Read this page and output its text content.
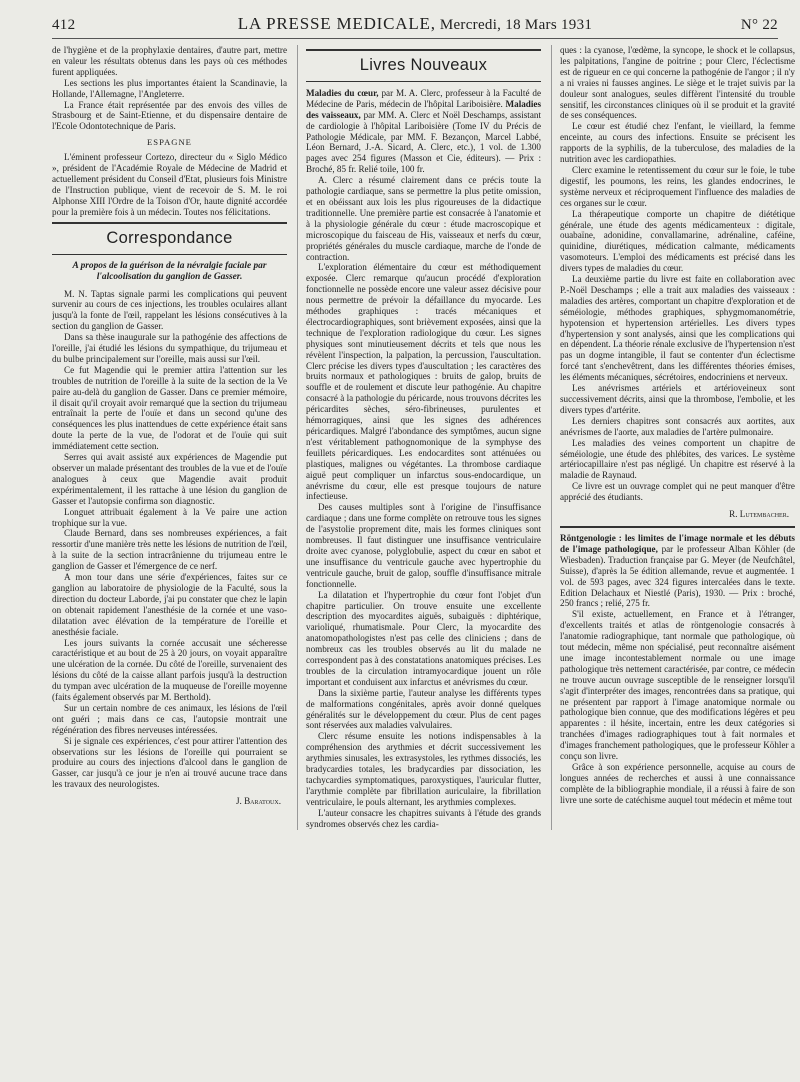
412	LA PRESSE MEDICALE, Mercredi, 18 Mars 1931	N° 22

de l'hygiène et de la prophylaxie dentaires, d'autre part, mettre en valeur les résultats obtenus dans les pays où ces méthodes furent appliquées.

Les sections les plus importantes étaient la Scandinavie, la Hollande, l'Allemagne, l'Angleterre.

La France était représentée par des envois des villes de Strasbourg et de Saint-Etienne, et du dispensaire dentaire de l'Ecole Odontotechnique de Paris.

ESPAGNE

L'éminent professeur Cortezo, directeur du « Siglo Médico », président de l'Académie Royale de Médecine de Madrid et actuellement président du Conseil d'Etat, plusieurs fois Ministre de l'Instruction publique, vient de recevoir de S. M. le roi Alphonse XIII l'Ordre de la Toison d'Or, haute dignité accordée pour la première fois à un médecin. Toutes nos félicitations.

Correspondance
A propos de la guérison de la névralgie faciale par l'alcoolisation du ganglion de Gasser.

M. N. Taptas signale parmi les complications qui peuvent survenir au cours de ces injections, les troubles oculaires allant jusqu'à la fonte de l'œil, rappelant les lésions consécutives à la section du ganglion de Gasser.

Dans sa thèse inaugurale sur la pathogénie des affections de l'oreille, j'ai étudié les lésions du sympathique, du trijumeau et du bulbe principalement sur l'oreille, mais aussi sur l'œil.

Ce fut Magendie qui le premier attira l'attention sur les troubles de nutrition de l'oreille à la suite de la section de la Ve paire au-delà du ganglion de Gasser. Dans ce premier mémoire, il disait qu'il croyait avoir remarqué que la section du trijumeau entraînait la perte de l'ouïe et dans un second qu'une des conséquences les plus inattendues de cette expérience était sans doute la perte de la vue, de l'odorat et de l'ouïe qui suit immédiatement cette section.

Serres qui avait assisté aux expériences de Magendie put observer un malade présentant des troubles de la vue et de l'ouïe analogues à ceux que Magendie avait produit expérimentalement, il les rattache à une lésion du ganglion de Gasser et l'autopsie confirma son diagnostic.

Longuet attribuait également à la Ve paire une action trophique sur la vue.

Claude Bernard, dans ses nombreuses expériences, a fait ressortir d'une manière très nette les lésions de nutrition de l'œil, à la suite de la section intracrânienne du trijumeau entre le ganglion de Gasser et l'émergence de ce nerf.

A mon tour dans une série d'expériences, faites sur ce ganglion au laboratoire de physiologie de la Faculté, sous la direction du docteur Laborde, j'ai pu constater que chez le lapin on obtenait rapidement l'anesthésie de la cornée et une vaso-dilatation avec élévation de la température de l'oreille et anesthésie faciale.

Les jours suivants la cornée accusait une sécheresse caractéristique et au bout de 25 à 20 jours, on voyait apparaître une ulcération de la cornée. Du côté de l'oreille, survenaient des lésions du côté de la caisse allant parfois jusqu'à la destruction du tympan avec ulcération de la muqueuse de l'oreille moyenne (faits également observés par M. Berthold).

Sur un certain nombre de ces animaux, les lésions de l'œil ont guéri ; mais dans ce cas, l'autopsie montrait une régénération des fibres nerveuses intéressées.

Si je signale ces expériences, c'est pour attirer l'attention des observations sur les lésions de l'oreille qui pourraient se produire au cours des injections d'alcool dans le ganglion de Gasser, car jusqu'à ce jour je n'en ai trouvé aucune trace dans les travaux des neurologistes.

J. Baratoux.
Livres Nouveaux

Maladies du cœur, par M. A. Clerc, professeur à la Faculté de Médecine de Paris, médecin de l'hôpital Lariboisière. Maladies des vaisseaux, par MM. A. Clerc et Noël Deschamps, assistant de cardiologie à l'hôpital Lariboisière (Tome IV du Précis de Pathologie Médicale, par MM. F. Bezançon, Marcel Labbé, Léon Bernard, J.-A. Sicard, A. Clerc, etc.), 1 vol. de 1.300 pages avec 254 figures (Masson et Cie, éditeurs). — Prix : Broché, 85 fr. Relié toile, 100 fr.

A. Clerc a résumé clairement dans ce précis toute la pathologie cardiaque, sans se permettre la plus petite omission, et en obéissant aux lois les plus rigoureuses de la didactique traditionnelle. Une première partie est consacrée à l'anatomie et à la physiologie générale du cœur : étude macroscopique et microscopique du faisceau de His, vaisseaux et nerfs du cœur, propriétés générales du muscle cardiaque, marche de l'onde de contraction.

L'exploration élémentaire du cœur est méthodiquement exposée. Clerc remarque qu'aucun procédé d'exploration fonctionnelle ne possède encore une valeur assez décisive pour nous permettre de prévoir la défaillance du myocarde. Les méthodes graphiques : tracés mécaniques et électrocardiographiques, sont brièvement exposées, ainsi que la technique de l'exploration radiologique du cœur. Les signes physiques sont minutieusement décrits et tels que nous les révèlent l'inspection, la palpation, la percussion, l'auscultation. Clerc précise les divers types d'auscultation ; les caractères des bruits normaux et pathologiques : bruits de galop, bruits de souffle et de roulement et discute leur pathogénie. Au chapitre consacré à la pathologie du péricarde, nous trouvons décrites les péricardites sèches, séro-fibrineuses, purulentes et hémorragiques, ainsi que les signes des adhérences péricardiques. Malgré l'abondance des symptômes, aucun signe n'est véritablement pathognomonique de la symphyse des feuillets péricardiques. Les endocardites sont atténuées ou plastiques, malignes ou végétantes. La thrombose cardiaque aiguë peut compliquer un infarctus sous-endocardique, un anévrisme du cœur, elle est presque toujours de nature infectieuse.

Des causes multiples sont à l'origine de l'insuffisance cardiaque ; dans une forme complète on retrouve tous les signes de l'asystolie proprement dite, mais les formes cliniques sont nombreuses. Il faut distinguer une insuffisance ventriculaire droite avec cyanose, polyglobulie, aspect du cœur en sabot et une insuffisance du ventricule gauche avec hypertrophie du ventricule gauche, bruit de galop, souffle d'insuffisance mitrale fonctionnelle.

La dilatation et l'hypertrophie du cœur font l'objet d'un chapitre particulier. On trouve ensuite une excellente description des myocardites aiguës, subaiguës : diphtérique, varioliqué, rhumatismale. Pour Clerc, la myocardite des anatomopathologistes n'est pas celle des cliniciens ; dans de nombreux cas les troubles observés au lit du malade ne correspondent pas à des constatations anatomiques précises. Les troubles de la circulation intramyocardique jouent un rôle important et conduisent aux infarctus et anévrismes du cœur.

Dans la sixième partie, l'auteur analyse les différents types de malformations congénitales, après avoir donné quelques généralités sur le développement du cœur. Plus de cent pages sont réservées aux maladies valvulaires.

Clerc résume ensuite les notions indispensables à la compréhension des arythmies et décrit successivement les arythmies sinusales, les extrasystoles, les rythmes dissociés, les bradycardies totales, les bradycardies par dissociation, les tachycardies symptomatiques, paroxystiques, l'auricular flutter, l'arythmie complète par fibrillation auriculaire, la fibrillation ventriculaire, le pouls alternant, les arythmies complexes.

L'auteur consacre les chapitres suivants à l'étude des grands syndromes observés chez les cardia-

ques : la cyanose, l'œdème, la syncope, le shock et le collapsus, les palpitations, l'angine de poitrine ; pour Clerc, l'éclectisme est de rigueur en ce qui concerne la pathogénie de l'angor ; il n'y a ni vraies ni fausses angines. Le siège et le trajet suivis par la douleur sont analogues, seules diffèrent l'intensité du trouble sensitif, les circonstances cliniques où il se produit et la gravité de ses conséquences.

Le cœur est étudié chez l'enfant, le vieillard, la femme enceinte, au cours des infections. Ensuite se précisent les rapports de la syphilis, de la tuberculose, des maladies de la nutrition avec les cardiopathies.

Clerc examine le retentissement du cœur sur le foie, le tube digestif, les poumons, les reins, les glandes endocrines, le système nerveux et réciproquement l'influence des maladies de ces organes sur le cœur.

La thérapeutique comporte un chapitre de diététique générale, une étude des agents médicamenteux : digitale, ouabaïne, adonidine, convallamarine, adrénaline, caféine, quinidine, diurétiques, médication calmante, médicaments vasomoteurs. L'emploi des médicaments est précisé dans les divers types de maladies du cœur.

La deuxième partie du livre est faite en collaboration avec P.-Noël Deschamps ; elle a trait aux maladies des vaisseaux : maladies des artères, comportant un chapitre d'exploration et de séméiologie, méthodes graphiques, sphygmomanométrie, hypotension et hypertension artérielles. Les divers types d'hypertension y sont analysés, ainsi que les complications qui en dépendent. La théorie rénale exclusive de l'hypertension n'est pas un dogme intangible, il faut se contenter d'un éclectisme forcé tant s'enchevêtrent, dans les différentes théories émises, les éléments mécaniques, sécrétoires, endocriniens et nerveux.

Les anévrismes artériels et artérioveineux sont successivement décrits, ainsi que la thrombose, l'embolie, et les divers types d'artérite.

Les derniers chapitres sont consacrés aux aortites, aux anévrismes de l'aorte, aux maladies de l'artère pulmonaire.

Les maladies des veines comportent un chapitre de séméiologie, une étude des phlébites, des varices. Le système artériocapillaire n'est pas négligé. Un chapitre est réservé à la maladie de Raynaud.

Ce livre est un ouvrage complet qui ne peut manquer d'être apprécié des étudiants.

R. Lutembacher.

Röntgenologie : les limites de l'image normale et les débuts de l'image pathologique, par le professeur Alban Köhler (de Wiesbaden). Traduction française par G. Meyer (de Neufchâtel, Suisse), d'après la 5e édition allemande, revue et augmentée. 1 vol. de 593 pages, avec 324 figures intercalées dans le texte. Edition Delachaux et Niestlé (Paris), 1930. — Prix : broché, 250 francs ; relié, 275 fr.

S'il existe, actuellement, en France et à l'étranger, d'excellents traités et atlas de röntgenologie consacrés à l'anatomie radiographique, tant normale que pathologique, où tout médecin, même non spécialisé, peut reconnaître aisément une image incontestablement normale ou une image pathologique très nettement caractérisée, par contre, ce médecin ne trouve aucun ouvrage susceptible de le renseigner lorsqu'il s'agit d'interpréter des images, rencontrées dans sa pratique, qui ne présentent par rapport à l'image anatomique normale ou pathologique bien connue, que des modifications légères et peu apparentes : il hésite, incertain, entre les deux catégories si tranchées d'images radiographiques tout à fait normales et d'images franchement pathologiques, que le professeur Köhler a conçu son livre.

Grâce à son expérience personnelle, acquise au cours de longues années de recherches et aussi à une connaissance complète de la bibliographie mondiale, il a réussi à faire de son livre une sorte de catéchisme auquel tout médecin et même tout
